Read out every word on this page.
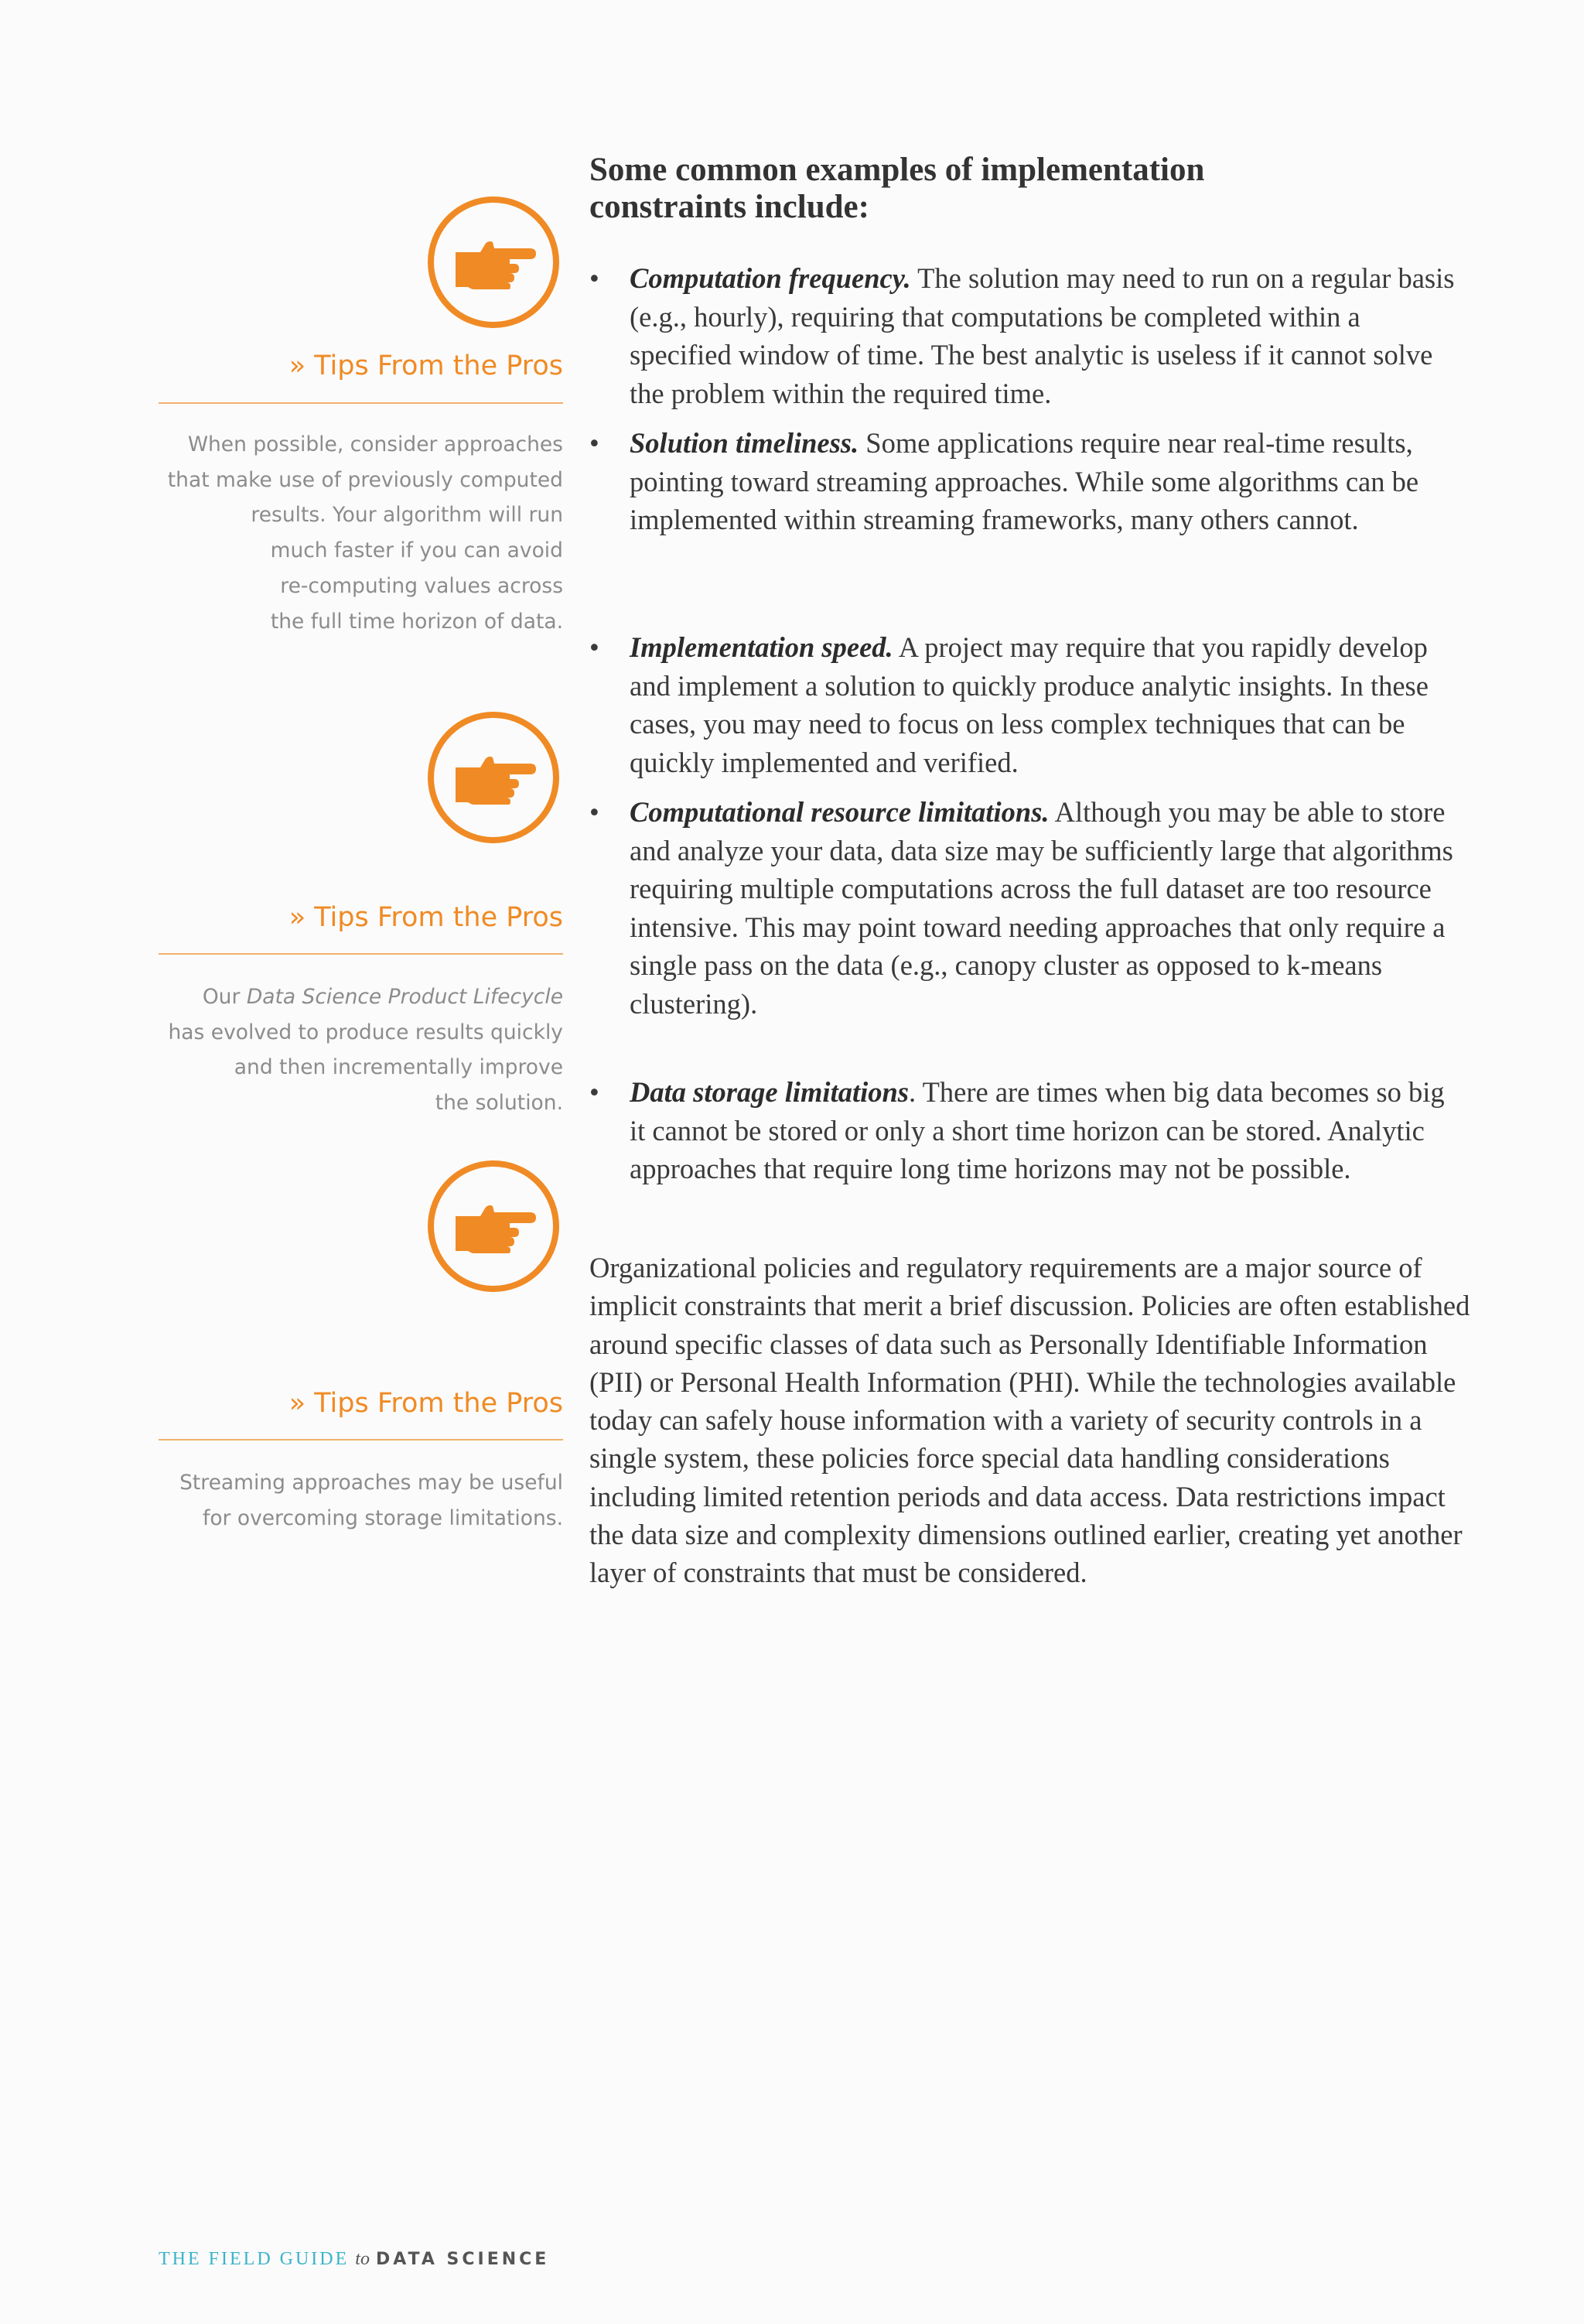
» Tips From the Pros
When possible, consider approaches
that make use of previously computed
results. Your algorithm will run
much faster if you can avoid
re-computing values across
the full time horizon of data.
» Tips From the Pros
Our Data Science Product Lifecycle
has evolved to produce results quickly
and then incrementally improve
the solution.
» Tips From the Pros
Streaming approaches may be useful
for overcoming storage limitations.
Some common examples of implementation constraints include:
•	Computation frequency. The solution may need to run on a regular basis (e.g., hourly), requiring that computations be completed within a specified window of time. The best analytic is useless if it cannot solve the problem within the required time.
•	Solution timeliness. Some applications require near real-time results, pointing toward streaming approaches. While some algorithms can be implemented within streaming frameworks, many others cannot.
•	Implementation speed. A project may require that you rapidly develop and implement a solution to quickly produce analytic insights. In these cases, you may need to focus on less complex techniques that can be quickly implemented and verified.
•	Computational resource limitations. Although you may be able to store and analyze your data, data size may be sufficiently large that algorithms requiring multiple computations across the full dataset are too resource intensive. This may point toward needing approaches that only require a single pass on the data (e.g., canopy cluster as opposed to k-means clustering).
•	Data storage limitations. There are times when big data becomes so big it cannot be stored or only a short time horizon can be stored. Analytic approaches that require long time horizons may not be possible.
Organizational policies and regulatory requirements are a major source of implicit constraints that merit a brief discussion. Policies are often established around specific classes of data such as Personally Identifiable Information (PII) or Personal Health Information (PHI). While the technologies available today can safely house information with a variety of security controls in a single system, these policies force special data handling considerations including limited retention periods and data access. Data restrictions impact the data size and complexity dimensions outlined earlier, creating yet another layer of constraints that must be considered.
THE FIELD GUIDE to DATA SCIENCE
